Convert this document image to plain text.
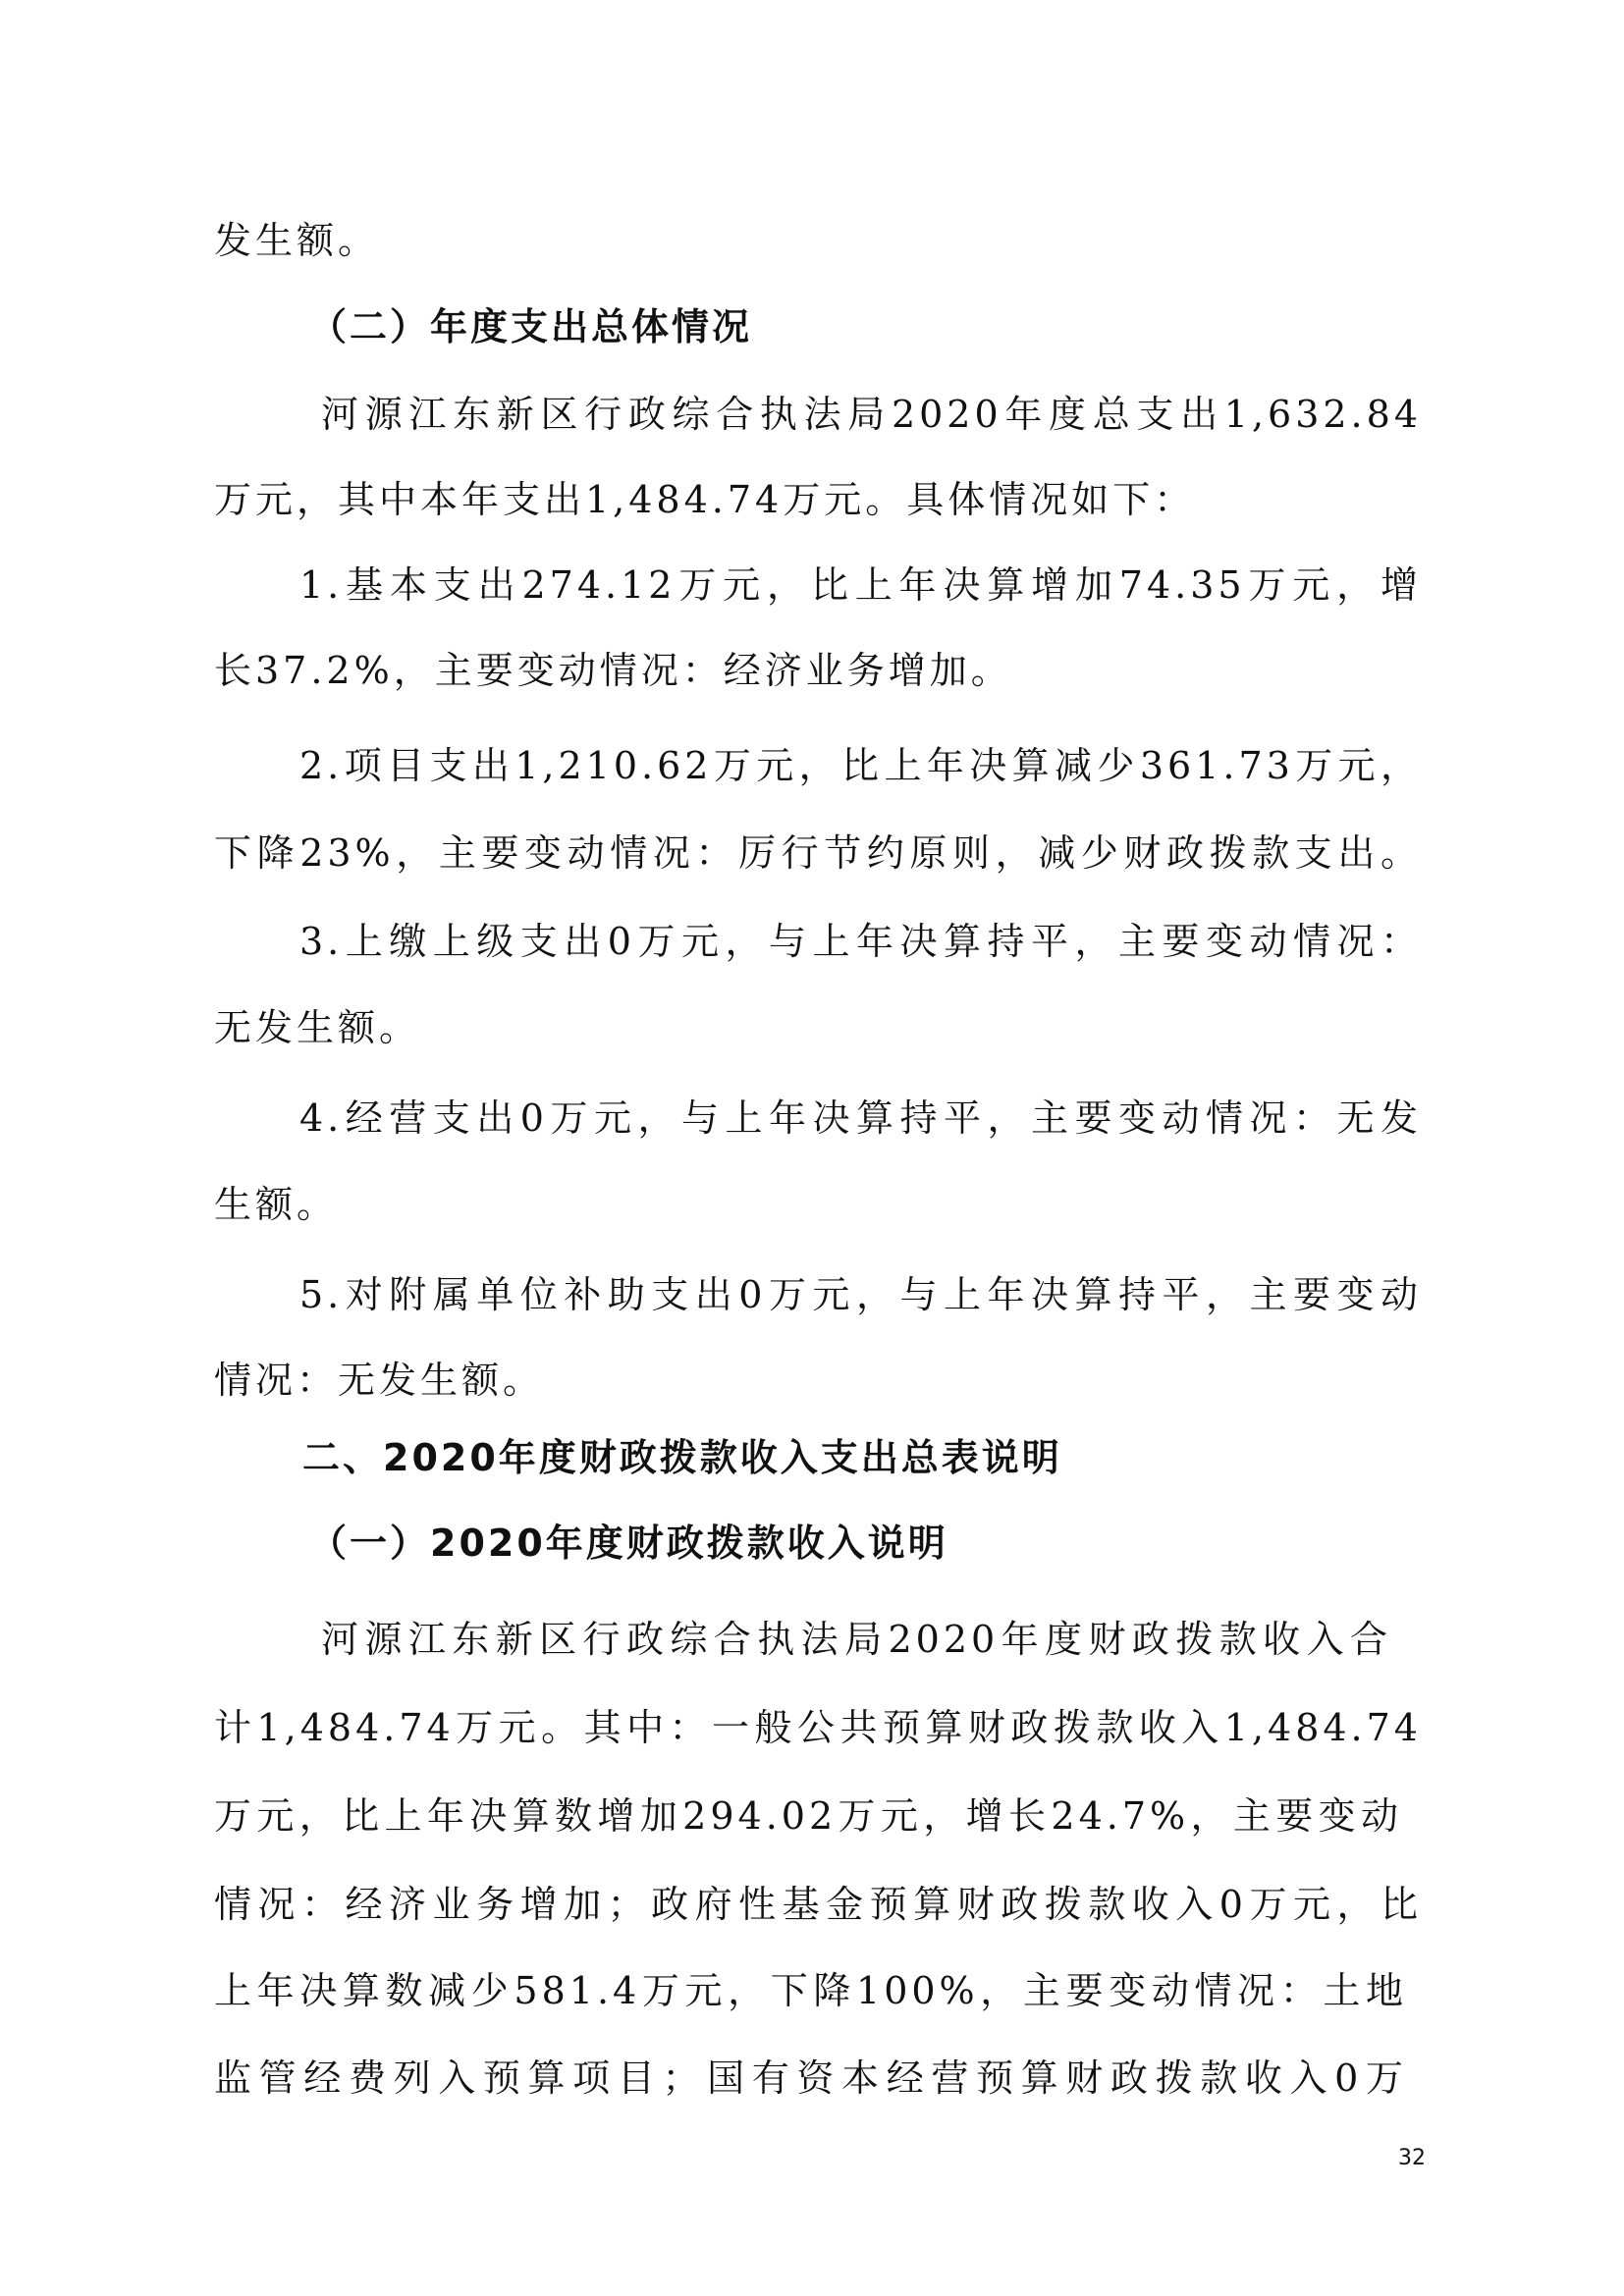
发生额。
（二）年度支出总体情况
河源江东新区行政综合执法局2020年度总支出1,632.84
万元，其中本年支出1,484.74万元。具体情况如下：
1.基本支出274.12万元，比上年决算增加74.35万元，增
长37.2%，主要变动情况：经济业务增加。
2.项目支出1,210.62万元，比上年决算减少361.73万元，
下降23%，主要变动情况：厉行节约原则，减少财政拨款支出。
3.上缴上级支出0万元，与上年决算持平，主要变动情况：
无发生额。
4.经营支出0万元，与上年决算持平，主要变动情况：无发
生额。
5.对附属单位补助支出0万元，与上年决算持平，主要变动
情况：无发生额。
二、2020年度财政拨款收入支出总表说明
（一）2020年度财政拨款收入说明
河源江东新区行政综合执法局2020年度财政拨款收入合
计1,484.74万元。其中：一般公共预算财政拨款收入1,484.74
万元，比上年决算数增加294.02万元，增长24.7%，主要变动
情况：经济业务增加；政府性基金预算财政拨款收入0万元，比
上年决算数减少581.4万元，下降100%，主要变动情况：土地
监管经费列入预算项目；国有资本经营预算财政拨款收入0万
32
